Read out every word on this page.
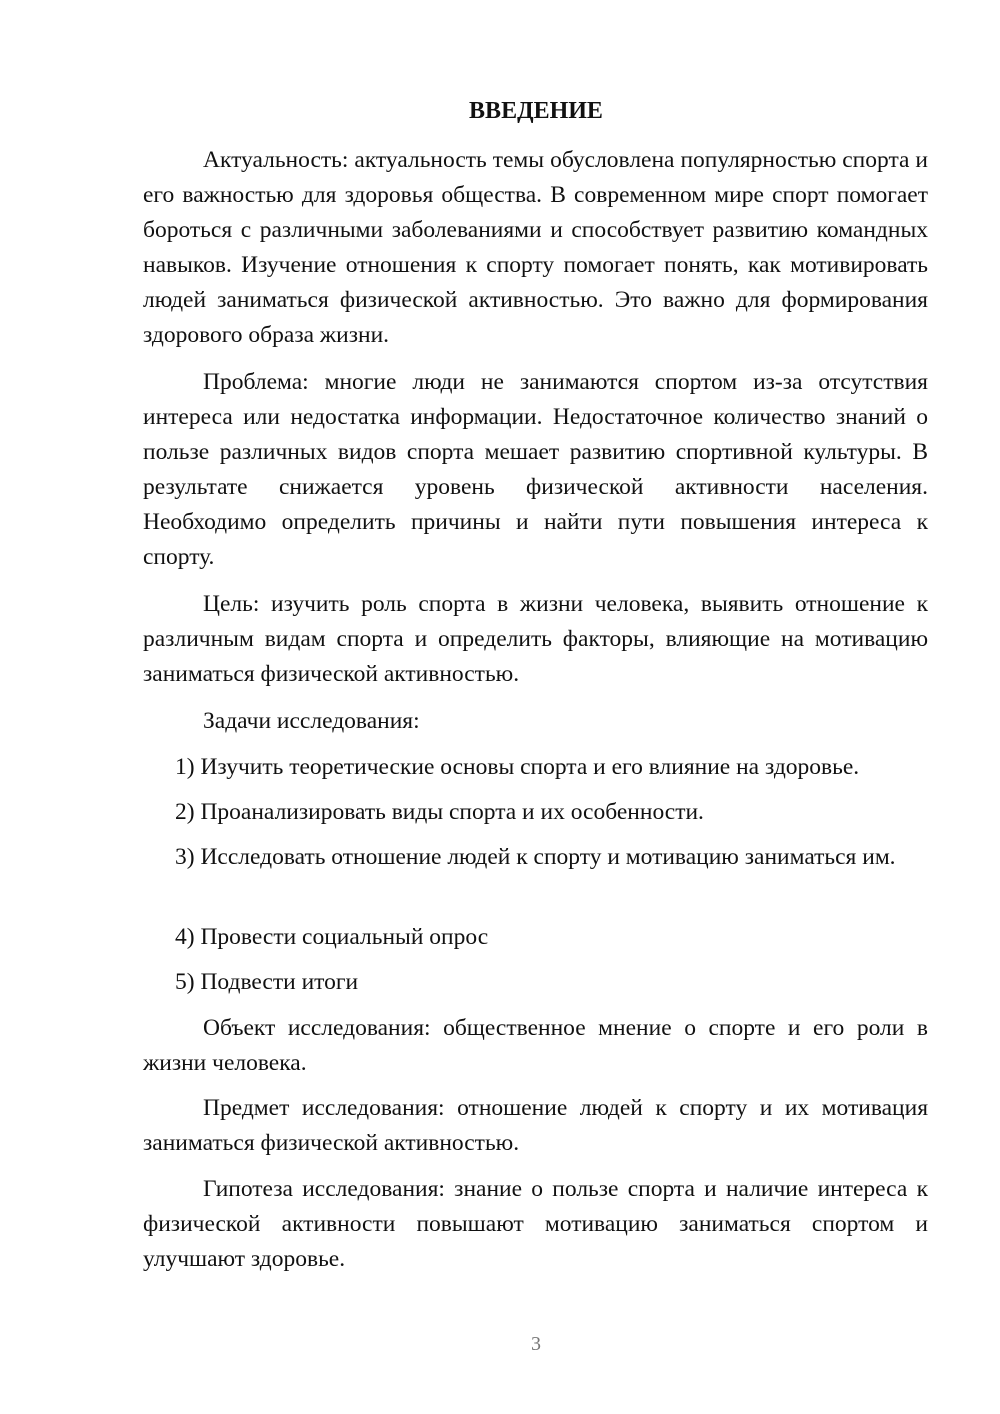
ВВЕДЕНИЕ

Актуальность: актуальность темы обусловлена популярностью спорта и его важностью для здоровья общества. В современном мире спорт помогает бороться с различными заболеваниями и способствует развитию командных навыков. Изучение отношения к спорту помогает понять, как мотивировать людей заниматься физической активностью. Это важно для формирования здорового образа жизни.

Проблема: многие люди не занимаются спортом из-за отсутствия интереса или недостатка информации. Недостаточное количество знаний о пользе различных видов спорта мешает развитию спортивной культуры. В результате снижается уровень физической активности населения. Необходимо определить причины и найти пути повышения интереса к спорту.

Цель: изучить роль спорта в жизни человека, выявить отношение к различным видам спорта и определить факторы, влияющие на мотивацию заниматься физической активностью.

Задачи исследования:

1) Изучить теоретические основы спорта и его влияние на здоровье.

2) Проанализировать виды спорта и их особенности.

3) Исследовать отношение людей к спорту и мотивацию заниматься им.

4) Провести социальный опрос

5) Подвести итоги

Объект исследования: общественное мнение о спорте и его роли в жизни человека.

Предмет исследования: отношение людей к спорту и их мотивация заниматься физической активностью.

Гипотеза исследования: знание о пользе спорта и наличие интереса к физической активности повышают мотивацию заниматься спортом и улучшают здоровье.

3
